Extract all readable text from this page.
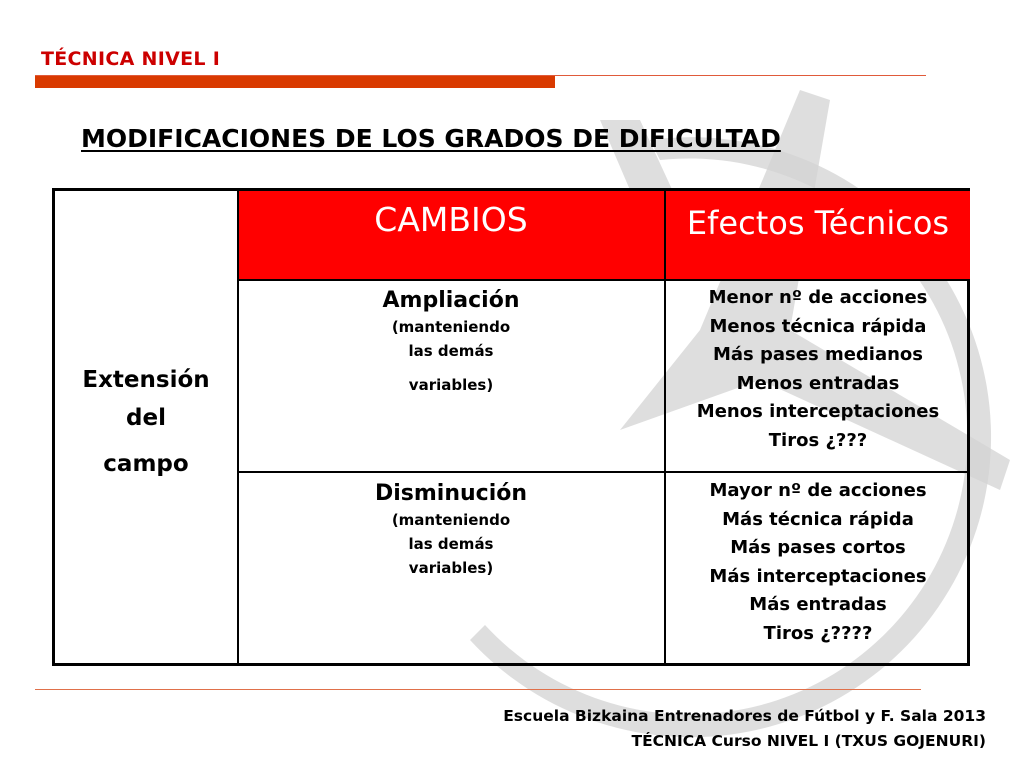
TÉCNICA NIVEL I
MODIFICACIONES DE LOS GRADOS DE DIFICULTAD
CAMBIOS	Efectos Técnicos
Extensión
del
campo
Ampliación
(manteniendo
las demás
variables)
Menor nº de acciones
Menos técnica rápida
Más pases medianos
Menos entradas
Menos interceptaciones
Tiros ¿???
Disminución
(manteniendo
las demás
variables)
Mayor nº de acciones
Más técnica rápida
Más pases cortos
Más interceptaciones
Más entradas
Tiros ¿????
Escuela Bizkaina Entrenadores de Fútbol y F. Sala 2013
TÉCNICA Curso NIVEL I (TXUS GOJENURI)
